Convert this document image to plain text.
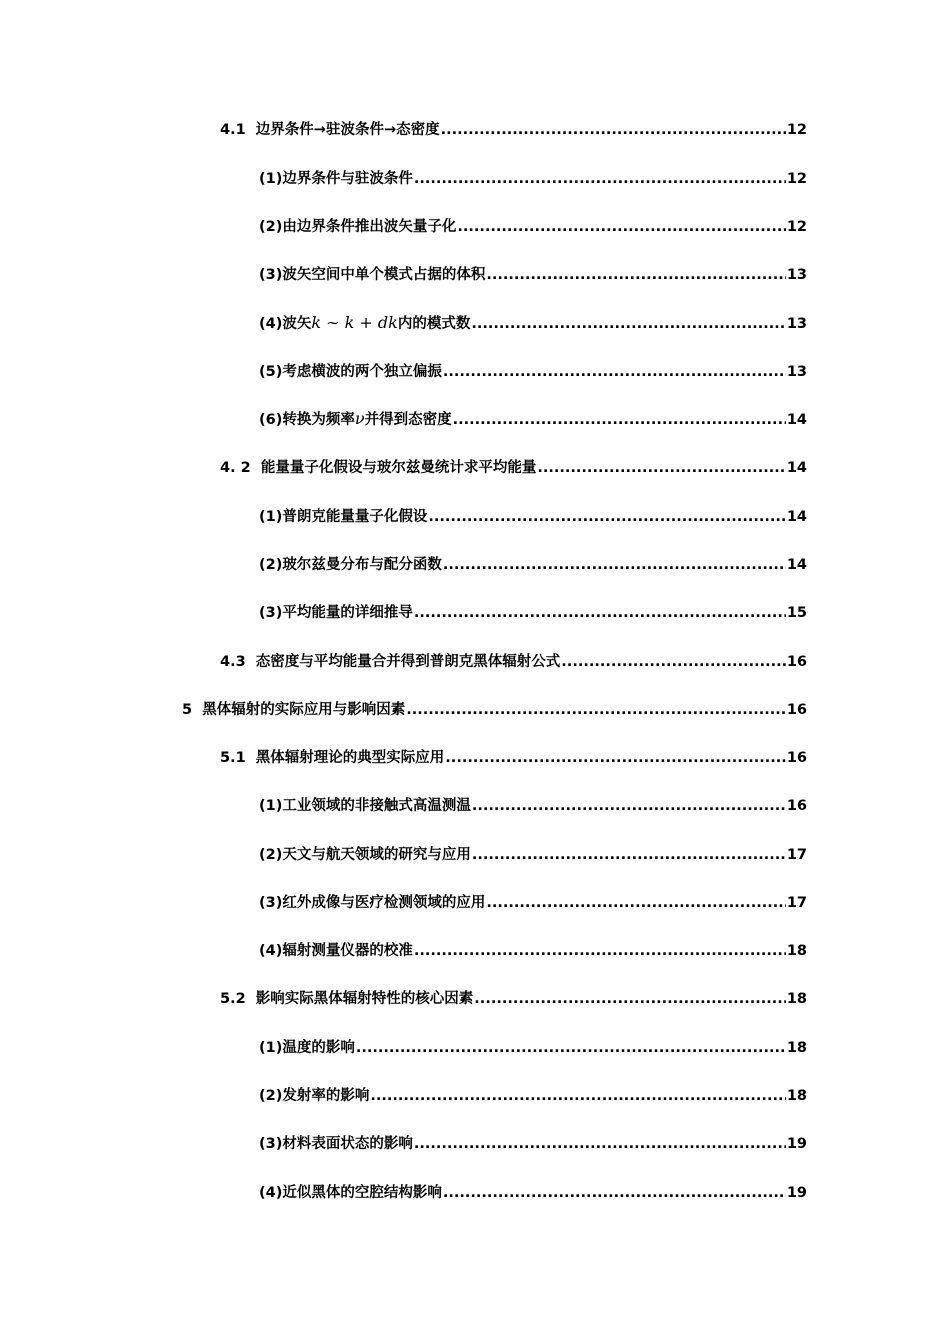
4.1 边界条件→驻波条件→态密度 .....	12
(1)边界条件与驻波条件 .....	12
(2)由边界条件推出波矢量子化 .....	12
(3)波矢空间中单个模式占据的体积 .....	13
(4)波矢k ∼ k + dk内的模式数 .....	13
(5)考虑横波的两个独立偏振 .....	13
(6)转换为频率ν并得到态密度 .....	14
4. 2 能量量子化假设与玻尔兹曼统计求平均能量 .....	14
(1)普朗克能量量子化假设 .....	14
(2)玻尔兹曼分布与配分函数 .....	14
(3)平均能量的详细推导 .....	15
4.3 态密度与平均能量合并得到普朗克黑体辐射公式 .....	16
5 黑体辐射的实际应用与影响因素 .....	16
5.1 黑体辐射理论的典型实际应用 .....	16
(1)工业领域的非接触式高温测温 .....	16
(2)天文与航天领域的研究与应用 .....	17
(3)红外成像与医疗检测领域的应用 .....	17
(4)辐射测量仪器的校准 .....	18
5.2 影响实际黑体辐射特性的核心因素 .....	18
(1)温度的影响 .....	18
(2)发射率的影响 .....	18
(3)材料表面状态的影响 .....	19
(4)近似黑体的空腔结构影响 .....	19
